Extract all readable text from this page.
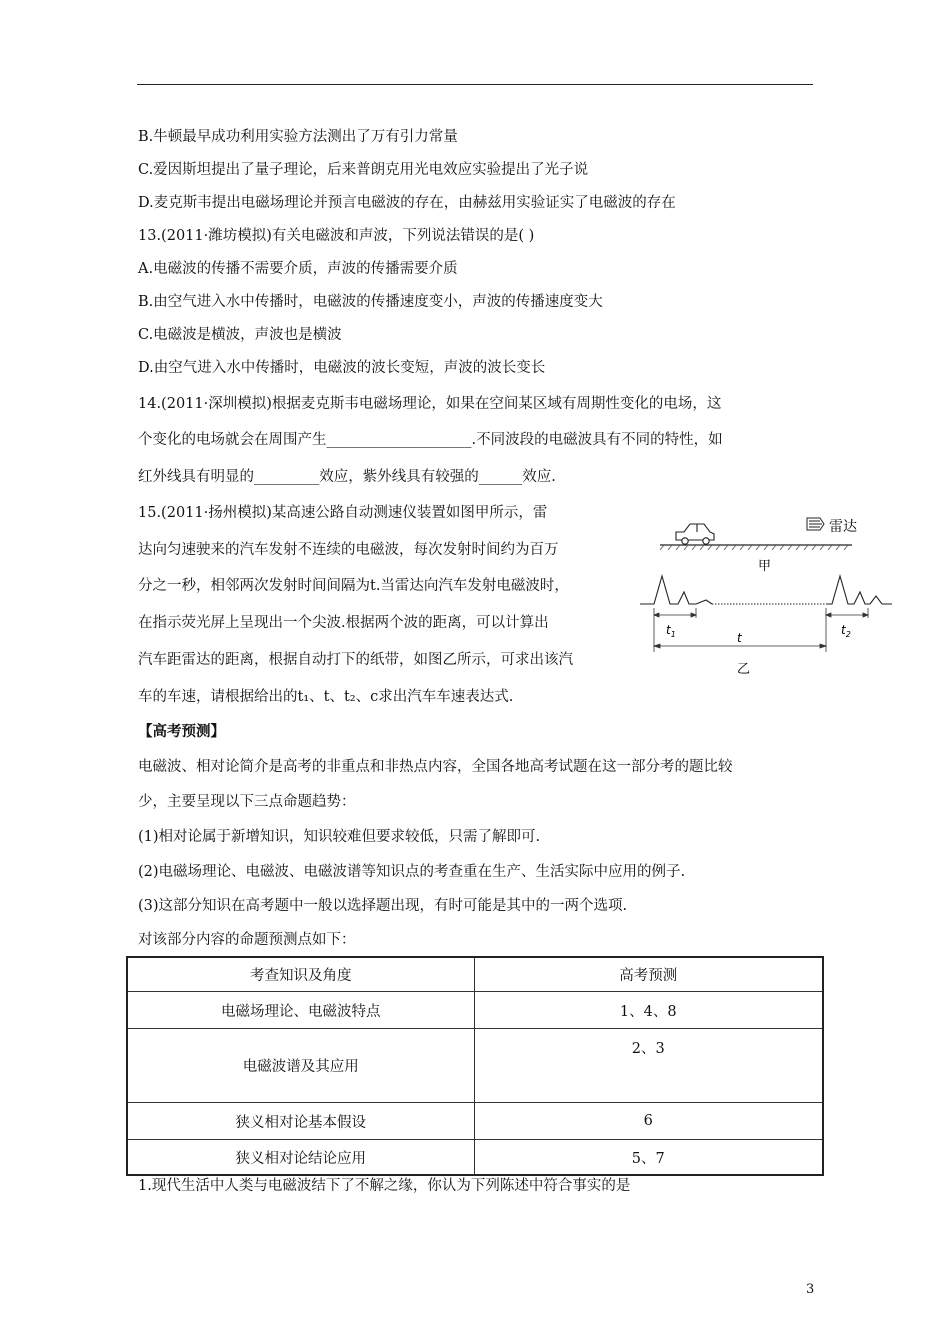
B.牛顿最早成功利用实验方法测出了万有引力常量
C.爱因斯坦提出了量子理论，后来普朗克用光电效应实验提出了光子说
D.麦克斯韦提出电磁场理论并预言电磁波的存在，由赫兹用实验证实了电磁波的存在
13.(2011·潍坊模拟)有关电磁波和声波，下列说法错误的是( )
A.电磁波的传播不需要介质，声波的传播需要介质
B.由空气进入水中传播时，电磁波的传播速度变小，声波的传播速度变大
C.电磁波是横波，声波也是横波
D.由空气进入水中传播时，电磁波的波长变短，声波的波长变长
14.(2011·深圳模拟)根据麦克斯韦电磁场理论，如果在空间某区域有周期性变化的电场，这
个变化的电场就会在周围产生____________________.不同波段的电磁波具有不同的特性，如
红外线具有明显的_________效应，紫外线具有较强的______效应.
15.(2011·扬州模拟)某高速公路自动测速仪装置如图甲所示，雷
达向匀速驶来的汽车发射不连续的电磁波，每次发射时间约为百万
分之一秒，相邻两次发射时间间隔为t.当雷达向汽车发射电磁波时，
在指示荧光屏上呈现出一个尖波.根据两个波的距离，可以计算出
汽车距雷达的距离，根据自动打下的纸带，如图乙所示，可求出该汽
车的车速，请根据给出的t₁、t、t₂、c求出汽车车速表达式.
雷达
甲
$t_1$	t
$t_2$
乙
【高考预测】
电磁波、相对论简介是高考的非重点和非热点内容，全国各地高考试题在这一部分考的题比较
少，主要呈现以下三点命题趋势：
(1)相对论属于新增知识，知识较难但要求较低，只需了解即可.
(2)电磁场理论、电磁波、电磁波谱等知识点的考查重在生产、生活实际中应用的例子.
(3)这部分知识在高考题中一般以选择题出现，有时可能是其中的一两个选项.
对该部分内容的命题预测点如下：
考查知识及角度	高考预测
电磁场理论、电磁波特点	1、4、8
电磁波谱及其应用	2、3
狭义相对论基本假设	6
狭义相对论结论应用	5、7
1.现代生活中人类与电磁波结下了不解之缘，你认为下列陈述中符合事实的是
3
